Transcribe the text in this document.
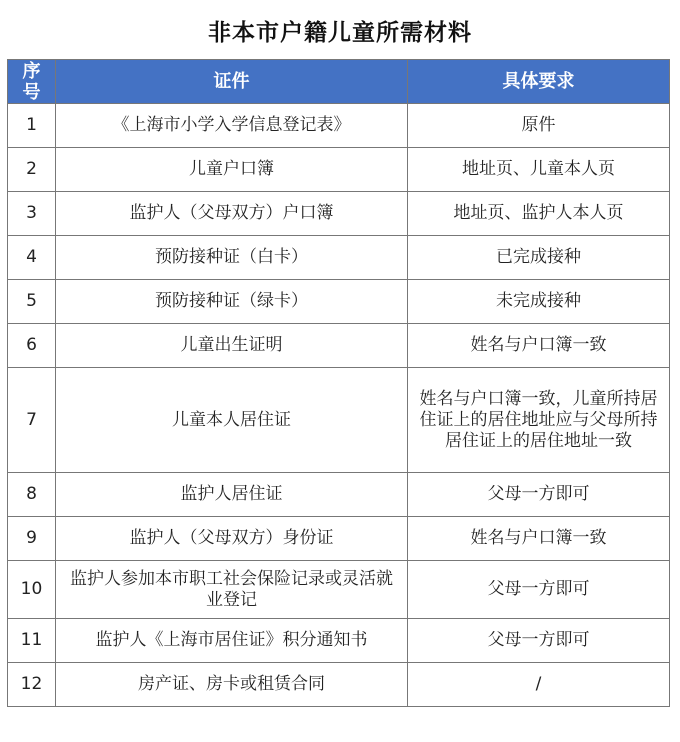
非本市户籍儿童所需材料
序号	证件	具体要求
1	《上海市小学入学信息登记表》	原件
2	儿童户口簿	地址页、儿童本人页
3	监护人（父母双方）户口簿	地址页、监护人本人页
4	预防接种证（白卡）	已完成接种
5	预防接种证（绿卡）	未完成接种
6	儿童出生证明	姓名与户口簿一致
7	儿童本人居住证	姓名与户口簿一致，儿童所持居住证上的居住地址应与父母所持居住证上的居住地址一致
8	监护人居住证	父母一方即可
9	监护人（父母双方）身份证	姓名与户口簿一致
10	监护人参加本市职工社会保险记录或灵活就业登记	父母一方即可
11	监护人《上海市居住证》积分通知书	父母一方即可
12	房产证、房卡或租赁合同	/
